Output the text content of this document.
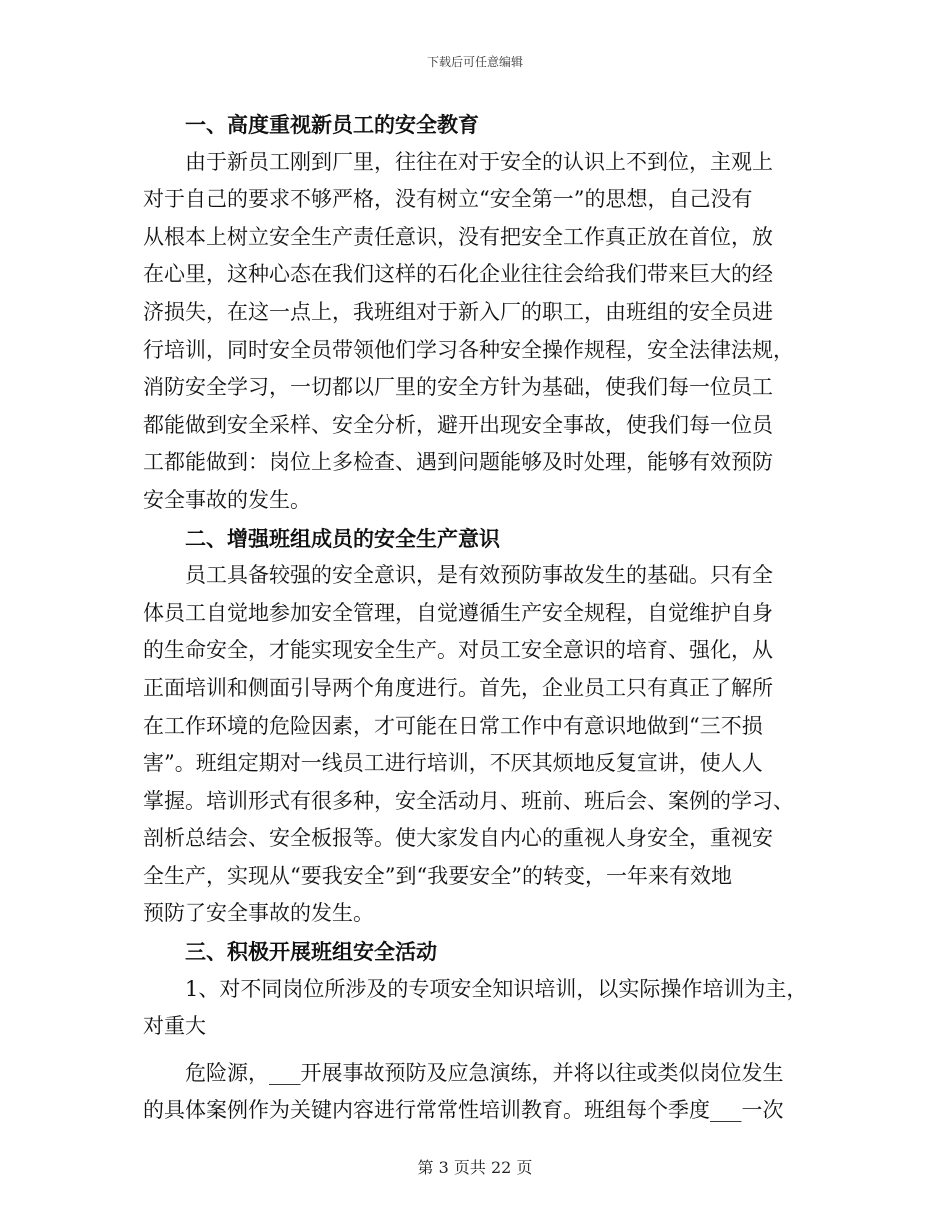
下载后可任意编辑
一、高度重视新员工的安全教育
由于新员工刚到厂里，往往在对于安全的认识上不到位，主观上
对于自己的要求不够严格，没有树立“安全第一”的思想，自己没有
从根本上树立安全生产责任意识，没有把安全工作真正放在首位，放
在心里，这种心态在我们这样的石化企业往往会给我们带来巨大的经
济损失，在这一点上，我班组对于新入厂的职工，由班组的安全员进
行培训，同时安全员带领他们学习各种安全操作规程，安全法律法规，
消防安全学习，一切都以厂里的安全方针为基础，使我们每一位员工
都能做到安全采样、安全分析，避开出现安全事故，使我们每一位员
工都能做到：岗位上多检查、遇到问题能够及时处理，能够有效预防
安全事故的发生。
二、增强班组成员的安全生产意识
员工具备较强的安全意识，是有效预防事故发生的基础。只有全
体员工自觉地参加安全管理，自觉遵循生产安全规程，自觉维护自身
的生命安全，才能实现安全生产。对员工安全意识的培育、强化，从
正面培训和侧面引导两个角度进行。首先，企业员工只有真正了解所
在工作环境的危险因素，才可能在日常工作中有意识地做到“三不损
害”。班组定期对一线员工进行培训，不厌其烦地反复宣讲，使人人
掌握。培训形式有很多种，安全活动月、班前、班后会、案例的学习、
剖析总结会、安全板报等。使大家发自内心的重视人身安全，重视安
全生产，实现从“要我安全”到“我要安全”的转变，一年来有效地
预防了安全事故的发生。
三、积极开展班组安全活动
1、对不同岗位所涉及的专项安全知识培训，以实际操作培训为主，
对重大
危险源，___开展事故预防及应急演练，并将以往或类似岗位发生
的具体案例作为关键内容进行常常性培训教育。班组每个季度___一次
第 3 页共 22 页
